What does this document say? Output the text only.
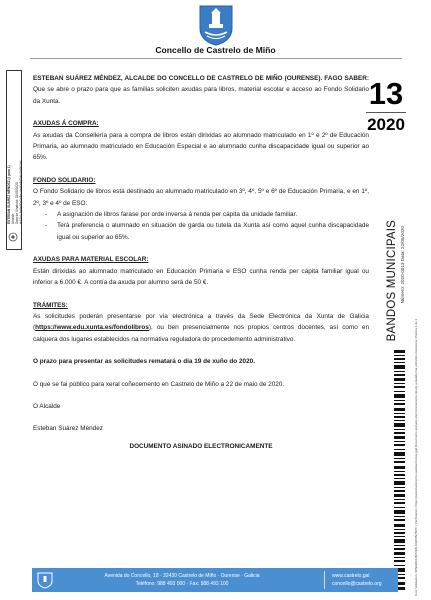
Concello de Castrelo de Miño
ESTEBAN SUÁREZ MÉNDEZ (1 para 1) Alcalde Data de Sinatura: 22/05/2020 HASH: 8a8a30a0a8acdad6a8d5ddc0d9b1bd
13
2020
BANDOS MUNICIPAIS Número: 2020-0013 Data: 22/05/2020
Cód. Validación: 3PN9RN4J3PR93LX3JX3N7MYF | Verificación: https://castrelodeminho.sedelectronica.gal/ Documento asinado electrónicamente desde a plataforma esPublico Gestiona | Páxina 1 de 1

ESTEBAN SUÁREZ MÉNDEZ, ALCALDE DO CONCELLO DE CASTRELO DE MIÑO (OURENSE). FAGO SABER: Que se abre o prazo para que as familias soliciten axudas para libros, material escolar e acceso ao Fondo Solidario da Xunta.

AXUDAS Á COMPRA:

As axudas da Consellería para a compra de libros están dirixidas ao alumnado matriculado en 1º e 2º de Educación Primaria, ao alumnado matriculado en Educación Especial e ao alumnado cunha discapacidade igual ou superior ao 65%.

FONDO SOLIDARIO:

O Fondo Solidario de libros está destinado ao alumnado matriculado en 3º, 4º, 5º e 6º de Educación Primaria, e en 1º, 2º, 3º e 4º de ESO:

- A asignación de libros farase por orde inversa á renda per cápita da unidade familiar.
- Terá preferencia o alumnado en situación de garda ou tutela da Xunta así como aquel cunha discapacidade igual ou superior ao 65%.

AXUDAS PARA MATERIAL ESCOLAR:

Están dirixidas ao alumnado matriculado en Educación Primaria e ESO cunha renda per cápita familiar igual ou inferior a 6.000 €. A contía da axuda por alumno será de 50 €.

TRÁMITES:

As solicitudes poderán presentarse por vía electrónica a través da Sede Electrónica da Xunta de Galicia (https://www.edu.xunta.es/fondolibros), ou ben presencialmente nos propios centros docentes, así como en calquera dos lugares establecidos na normativa reguladora do procedemento administrativo.

O prazo para presentar as solicitudes rematará o día 19 de xuño do 2020.

O que se fai público para xeral coñecemento en Castrelo de Miño a 22 de maio de 2020.

O Alcalde

Esteban Suárez Méndez

DOCUMENTO ASINADO ELECTRONICAMENTE

Avenida do Concello, 18 · 32430 Castrelo de Miño · Ourense · Galicia
Teléfono: 988 493 000 · Fax: 988 493 100
www.castrelo.gal
concello@castrelo.org
